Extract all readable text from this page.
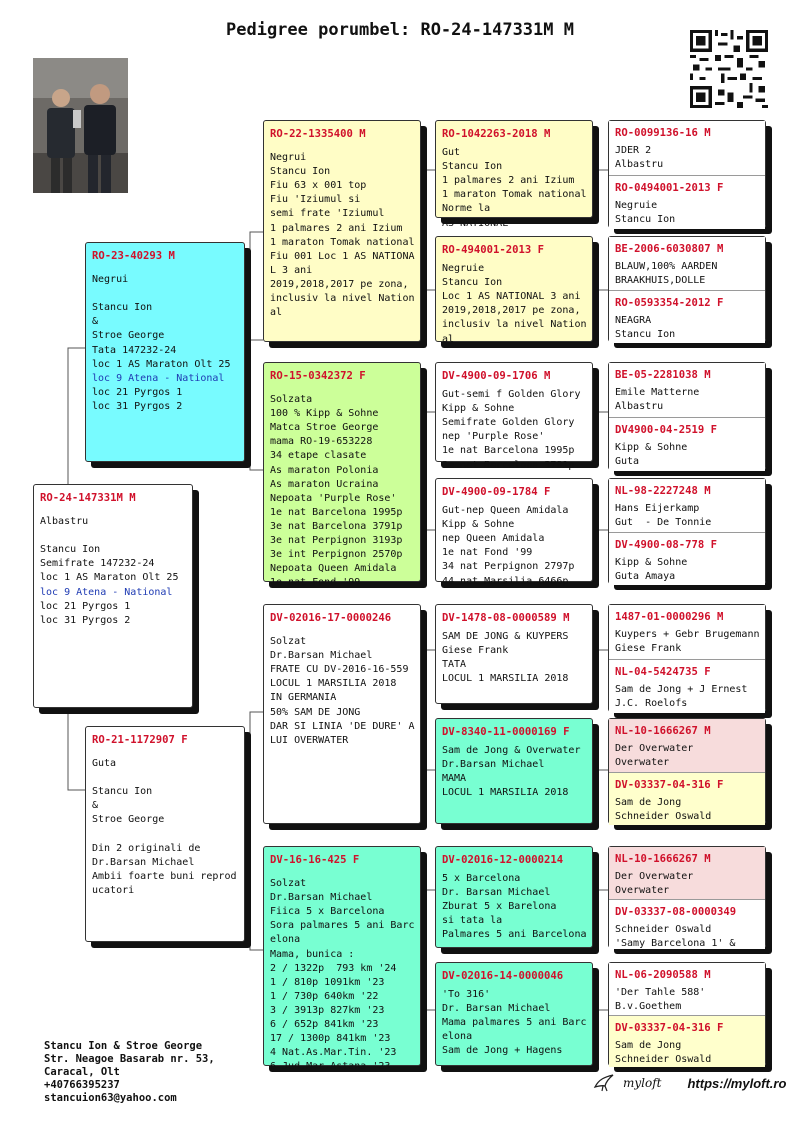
Pedigree porumbel: RO-24-147331M M
RO-24-147331M M
Albastru

Stancu Ion
Semifrate 147232-24
loc 1 AS Maraton Olt 25
loc 9 Atena - National
loc 21 Pyrgos 1
loc 31 Pyrgos 2
RO-23-40293 M
Negrui

Stancu Ion
&
Stroe George
Tata 147232-24
loc 1 AS Maraton Olt 25
loc 9 Atena - National
loc 21 Pyrgos 1
loc 31 Pyrgos 2
RO-21-1172907 F
Guta

Stancu Ion
&
Stroe George

Din 2 originali de
Dr.Barsan Michael
Ambii foarte buni reprod
ucatori
RO-22-1335400 M
Negrui
Stancu Ion
Fiu 63 x 001 top
Fiu 'Iziumul si
semi frate 'Iziumul
1 palmares 2 ani Izium
1 maraton Tomak national
Fiu 001 Loc 1 AS NATIONA
L 3 ani
2019,2018,2017 pe zona,
inclusiv la nivel Nation
al
RO-15-0342372 F
Solzata
100 % Kipp & Sohne
Matca Stroe George
mama RO-19-653228
34 etape clasate
As maraton Polonia
As maraton Ucraina
Nepoata 'Purple Rose'
1e nat Barcelona 1995p
3e nat Barcelona 3791p
3e nat Perpignon 3193p
3e int Perpignon 2570p
Nepoata Queen Amidala
1e nat Fond '99
DV-02016-17-0000246
Solzat
Dr.Barsan Michael
FRATE CU DV-2016-16-559
LOCUL 1 MARSILIA 2018
IN GERMANIA
50% SAM DE JONG
DAR SI LINIA 'DE DURE' A
LUI OVERWATER
DV-16-16-425 F
Solzat
Dr.Barsan Michael
Fiica 5 x Barcelona
Sora palmares 5 ani Barc
elona
Mama, bunica :
2 / 1322p  793 km '24
1 / 810p 1091km '23
1 / 730p 640km '22
3 / 3913p 827km '23
6 / 652p 841km '23
17 / 1300p 841km '23
4 Nat.As.Mar.Tin. '23
6 Jud.Mar.Astana '23
RO-1042263-2018 M
Gut
Stancu Ion
1 palmares 2 ani Izium
1 maraton Tomak national
Norme la
AS NATIONAL
RO-494001-2013 F
Negruie
Stancu Ion
Loc 1 AS NATIONAL 3 ani
2019,2018,2017 pe zona,
inclusiv la nivel Nation
al
DV-4900-09-1706 M
Gut-semi f Golden Glory
Kipp & Sohne
Semifrate Golden Glory
nep 'Purple Rose'
1e nat Barcelona 1995p
3e nat Barcelona 3791p
DV-4900-09-1784 F
Gut-nep Queen Amidala
Kipp & Sohne
nep Queen Amidala
1e nat Fond '99
34 nat Perpignon 2797p
44 nat Marsilia 6466p
DV-1478-08-0000589 M
SAM DE JONG & KUYPERS
Giese Frank
TATA
LOCUL 1 MARSILIA 2018
DV-8340-11-0000169 F
Sam de Jong & Overwater
Dr.Barsan Michael
MAMA
LOCUL 1 MARSILIA 2018
DV-02016-12-0000214
5 x Barcelona
Dr. Barsan Michael
Zburat 5 x Barelona
si tata la
Palmares 5 ani Barcelona
DV-02016-14-0000046
'To 316'
Dr. Barsan Michael
Mama palmares 5 ani Barc
elona
Sam de Jong + Hagens
RO-0099136-16 M
JDER 2
Albastru
RO-0494001-2013 F
Negruie
Stancu Ion
BE-2006-6030807 M
BLAUW,100% AARDEN
BRAAKHUIS,DOLLE
RO-0593354-2012 F
NEAGRA
Stancu Ion
BE-05-2281038 M
Emile Matterne
Albastru
DV4900-04-2519 F
Kipp & Sohne
Guta
NL-98-2227248 M
Hans Eijerkamp
Gut  - De Tonnie
DV-4900-08-778 F
Kipp & Sohne
Guta Amaya
1487-01-0000296 M
Kuypers + Gebr Brugemann
Giese Frank
NL-04-5424735 F
Sam de Jong + J Ernest
J.C. Roelofs
NL-10-1666267 M
Der Overwater
Overwater
DV-03337-04-316 F
Sam de Jong
Schneider Oswald
NL-10-1666267 M
Der Overwater
Overwater
DV-03337-08-0000349
Schneider Oswald
'Samy Barcelona 1' &
NL-06-2090588 M
'Der Tahle 588'
B.v.Goethem
DV-03337-04-316 F
Sam de Jong
Schneider Oswald
Stancu Ion & Stroe George
Str. Neagoe Basarab nr. 53,
Caracal, Olt
+40766395237
stancuion63@yahoo.com
myloft https://myloft.ro
